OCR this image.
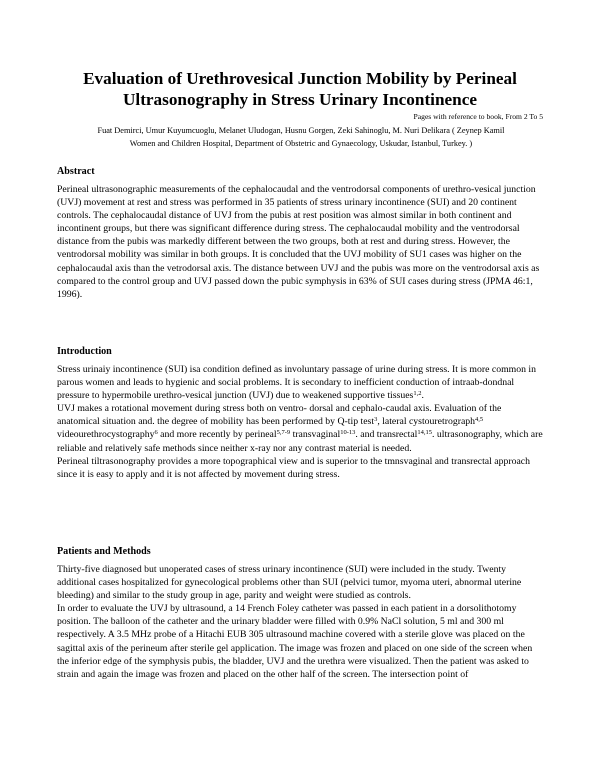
Evaluation of Urethrovesical Junction Mobility by Perineal
Ultrasonography in Stress Urinary Incontinence
Pages with reference to book, From 2 To 5
Fuat Demirci, Umur Kuyumcuoglu, Melanet Uludogan, Husnu Gorgen, Zeki Sahinoglu, M. Nuri Delikara ( Zeynep Kamil
Women and Children Hospital, Department of Obstetric and Gynaecology, Uskudar, Istanbul, Turkey. )
Abstract

Perineal ultrasonographic measurements of the cephalocaudal and the ventrodorsal components of urethro-vesical junction (UVJ) movement at rest and stress was performed in 35 patients of stress urinary incontinence (SUI) and 20 continent controls. The cephalocaudal distance of UVJ from the pubis at rest position was almost similar in both continent and incontinent groups, but there was significant difference during stress. The cephalocaudal mobility and the ventrodorsal distance from the pubis was markedly different between the two groups, both at rest and during stress. However, the ventrodorsal mobility was similar in both groups. It is concluded that the UVJ mobility of SU1 cases was higher on the cephalocaudal axis than the vetrodorsal axis. The distance between UVJ and the pubis was more on the ventrodorsal axis as compared to the control group and UVJ passed down the pubic symphysis in 63% of SUI cases during stress (JPMA 46:1, 1996).

Introduction

Stress urinaiy incontinence (SUI) isa condition defined as involuntary passage of urine during stress. It is more common in parous women and leads to hygienic and social problems. It is secondary to inefficient conduction of intraab-dondnal pressure to hypermobile urethro-vesical junction (UVJ) due to weakened supportive tissues$^{1,2}$.

UVJ makes a rotational movement during stress both on ventro- dorsal and cephalo-caudal axis. Evaluation of the anatomical situation and. the degree of mobility has been performed by Q-tip test$^3$, lateral cystouretrograph$^{4,5}$ videourethrocystography$^6$ and more recently by perineal$^{5,7-9}$ transvaginal$^{10-13}$. and transrectal$^{14,15}$. ultrasonography, which are reliable and relatively safe methods since neither x-ray nor any contrast material is needed.

Perineal tiltrasonography provides a more topographical view and is superior to the tmnsvaginal and transrectal approach since it is easy to apply and it is not affected by movement during stress.

Patients and Methods

Thirty-five diagnosed but unoperated cases of stress urinary incontinence (SUI) were included in the study. Twenty additional cases hospitalized for gynecological problems other than SUI (pelvici tumor, myoma uteri, abnormal uterine bleeding) and similar to the study group in age, parity and weight were studied as controls.

In order to evaluate the UVJ by ultrasound, a 14 French Foley catheter was passed in each patient in a dorsolithotomy position. The balloon of the catheter and the urinary bladder were filled with 0.9% NaCl solution, 5 ml and 300 ml respectively. A 3.5 MHz probe of a Hitachi EUB 305 ultrasound machine covered with a sterile glove was placed on the sagittal axis of the perineum after sterile gel application. The image was frozen and placed on one side of the screen when the inferior edge of the symphysis pubis, the bladder, UVJ and the urethra were visualized. Then the patient was asked to strain and again the image was frozen and placed on the other half of the screen. The intersection point of
